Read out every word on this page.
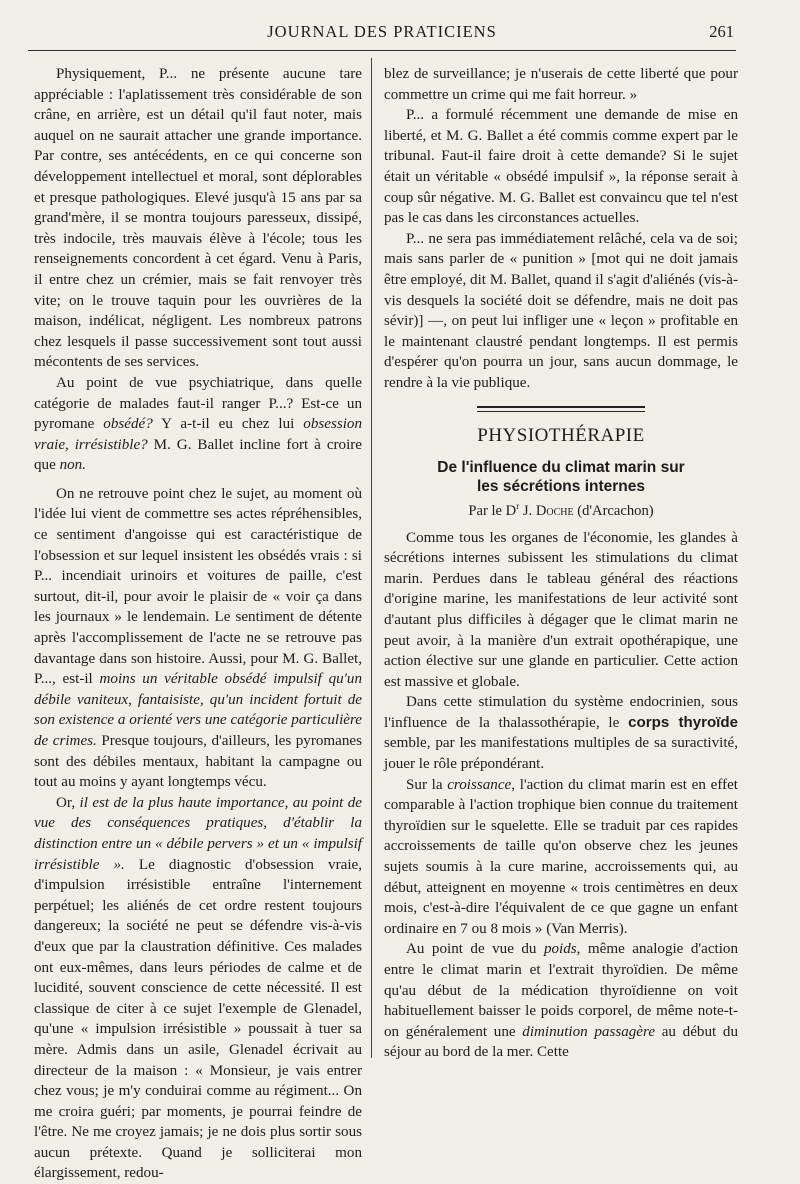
JOURNAL DES PRATICIENS	261

Physiquement, P... ne présente aucune tare appréciable : l'aplatissement très considérable de son crâne, en arrière, est un détail qu'il faut noter, mais auquel on ne saurait attacher une grande importance. Par contre, ses antécédents, en ce qui concerne son développement intellectuel et moral, sont déplorables et presque pathologiques. Elevé jusqu'à 15 ans par sa grand'mère, il se montra toujours paresseux, dissipé, très indocile, très mauvais élève à l'école; tous les renseignements concordent à cet égard. Venu à Paris, il entre chez un crémier, mais se fait renvoyer très vite; on le trouve taquin pour les ouvrières de la maison, indélicat, négligent. Les nombreux patrons chez lesquels il passe successivement sont tout aussi mécontents de ses services.

Au point de vue psychiatrique, dans quelle catégorie de malades faut-il ranger P...? Est-ce un pyromane obsédé? Y a-t-il eu chez lui obsession vraie, irrésistible? M. G. Ballet incline fort à croire que non.

On ne retrouve point chez le sujet, au moment où l'idée lui vient de commettre ses actes répréhensibles, ce sentiment d'angoisse qui est caractéristique de l'obsession et sur lequel insistent les obsédés vrais : si P... incendiait urinoirs et voitures de paille, c'est surtout, dit-il, pour avoir le plaisir de « voir ça dans les journaux » le lendemain. Le sentiment de détente après l'accomplissement de l'acte ne se retrouve pas davantage dans son histoire. Aussi, pour M. G. Ballet, P..., est-il moins un véritable obsédé impulsif qu'un débile vaniteux, fantaisiste, qu'un incident fortuit de son existence a orienté vers une catégorie particulière de crimes. Presque toujours, d'ailleurs, les pyromanes sont des débiles mentaux, habitant la campagne ou tout au moins y ayant longtemps vécu.

Or, il est de la plus haute importance, au point de vue des conséquences pratiques, d'établir la distinction entre un « débile pervers » et un « impulsif irrésistible ». Le diagnostic d'obsession vraie, d'impulsion irrésistible entraîne l'internement perpétuel; les aliénés de cet ordre restent toujours dangereux; la société ne peut se défendre vis-à-vis d'eux que par la claustration définitive. Ces malades ont eux-mêmes, dans leurs périodes de calme et de lucidité, souvent conscience de cette nécessité. Il est classique de citer à ce sujet l'exemple de Glenadel, qu'une « impulsion irrésistible » poussait à tuer sa mère. Admis dans un asile, Glenadel écrivait au directeur de la maison : « Monsieur, je vais entrer chez vous; je m'y conduirai comme au régiment... On me croira guéri; par moments, je pourrai feindre de l'être. Ne me croyez jamais; je ne dois plus sortir sous aucun prétexte. Quand je solliciterai mon élargissement, redou-

blez de surveillance; je n'userais de cette liberté que pour commettre un crime qui me fait horreur. »

P... a formulé récemment une demande de mise en liberté, et M. G. Ballet a été commis comme expert par le tribunal. Faut-il faire droit à cette demande? Si le sujet était un véritable « obsédé impulsif », la réponse serait à coup sûr négative. M. G. Ballet est convaincu que tel n'est pas le cas dans les circonstances actuelles.

P... ne sera pas immédiatement relâché, cela va de soi; mais sans parler de « punition » [mot qui ne doit jamais être employé, dit M. Ballet, quand il s'agit d'aliénés (vis-à-vis desquels la société doit se défendre, mais ne doit pas sévir)] —, on peut lui infliger une « leçon » profitable en le maintenant claustré pendant longtemps. Il est permis d'espérer qu'on pourra un jour, sans aucun dommage, le rendre à la vie publique.

PHYSIOTHÉRAPIE
De l'influence du climat marin sur
les sécrétions internes
Par le $D^r$ J. Doche (d'Arcachon)

Comme tous les organes de l'économie, les glandes à sécrétions internes subissent les stimulations du climat marin. Perdues dans le tableau général des réactions d'origine marine, les manifestations de leur activité sont d'autant plus difficiles à dégager que le climat marin ne peut avoir, à la manière d'un extrait opothérapique, une action élective sur une glande en particulier. Cette action est massive et globale.

Dans cette stimulation du système endocrinien, sous l'influence de la thalassothérapie, le corps thyroïde semble, par les manifestations multiples de sa suractivité, jouer le rôle prépondérant.

Sur la croissance, l'action du climat marin est en effet comparable à l'action trophique bien connue du traitement thyroïdien sur le squelette. Elle se traduit par ces rapides accroissements de taille qu'on observe chez les jeunes sujets soumis à la cure marine, accroissements qui, au début, atteignent en moyenne « trois centimètres en deux mois, c'est-à-dire l'équivalent de ce que gagne un enfant ordinaire en 7 ou 8 mois » (Van Merris).

Au point de vue du poids, même analogie d'action entre le climat marin et l'extrait thyroïdien. De même qu'au début de la médication thyroïdienne on voit habituellement baisser le poids corporel, de même note-t-on généralement une diminution passagère au début du séjour au bord de la mer. Cette
